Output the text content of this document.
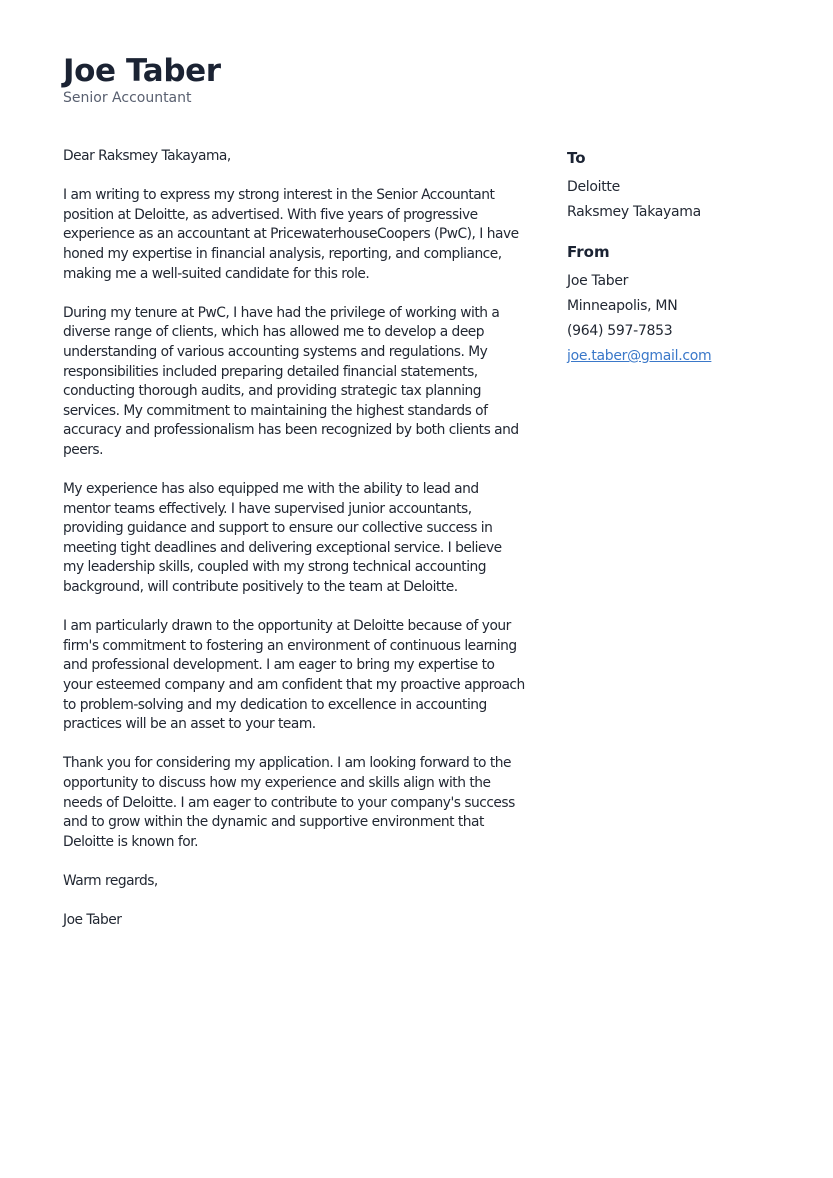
Joe Taber
Senior Accountant

Dear Raksmey Takayama,

I am writing to express my strong interest in the Senior Accountant position at Deloitte, as advertised. With five years of progressive experience as an accountant at PricewaterhouseCoopers (PwC), I have honed my expertise in financial analysis, reporting, and compliance, making me a well-suited candidate for this role.

During my tenure at PwC, I have had the privilege of working with a diverse range of clients, which has allowed me to develop a deep understanding of various accounting systems and regulations. My responsibilities included preparing detailed financial statements, conducting thorough audits, and providing strategic tax planning services. My commitment to maintaining the highest standards of accuracy and professionalism has been recognized by both clients and peers.

My experience has also equipped me with the ability to lead and mentor teams effectively. I have supervised junior accountants, providing guidance and support to ensure our collective success in meeting tight deadlines and delivering exceptional service. I believe my leadership skills, coupled with my strong technical accounting background, will contribute positively to the team at Deloitte.

I am particularly drawn to the opportunity at Deloitte because of your firm's commitment to fostering an environment of continuous learning and professional development. I am eager to bring my expertise to your esteemed company and am confident that my proactive approach to problem-solving and my dedication to excellence in accounting practices will be an asset to your team.

Thank you for considering my application. I am looking forward to the opportunity to discuss how my experience and skills align with the needs of Deloitte. I am eager to contribute to your company's success and to grow within the dynamic and supportive environment that Deloitte is known for.

Warm regards,

Joe Taber

To
Deloitte
Raksmey Takayama
From
Joe Taber
Minneapolis, MN
(964) 597-7853
joe.taber@gmail.com
